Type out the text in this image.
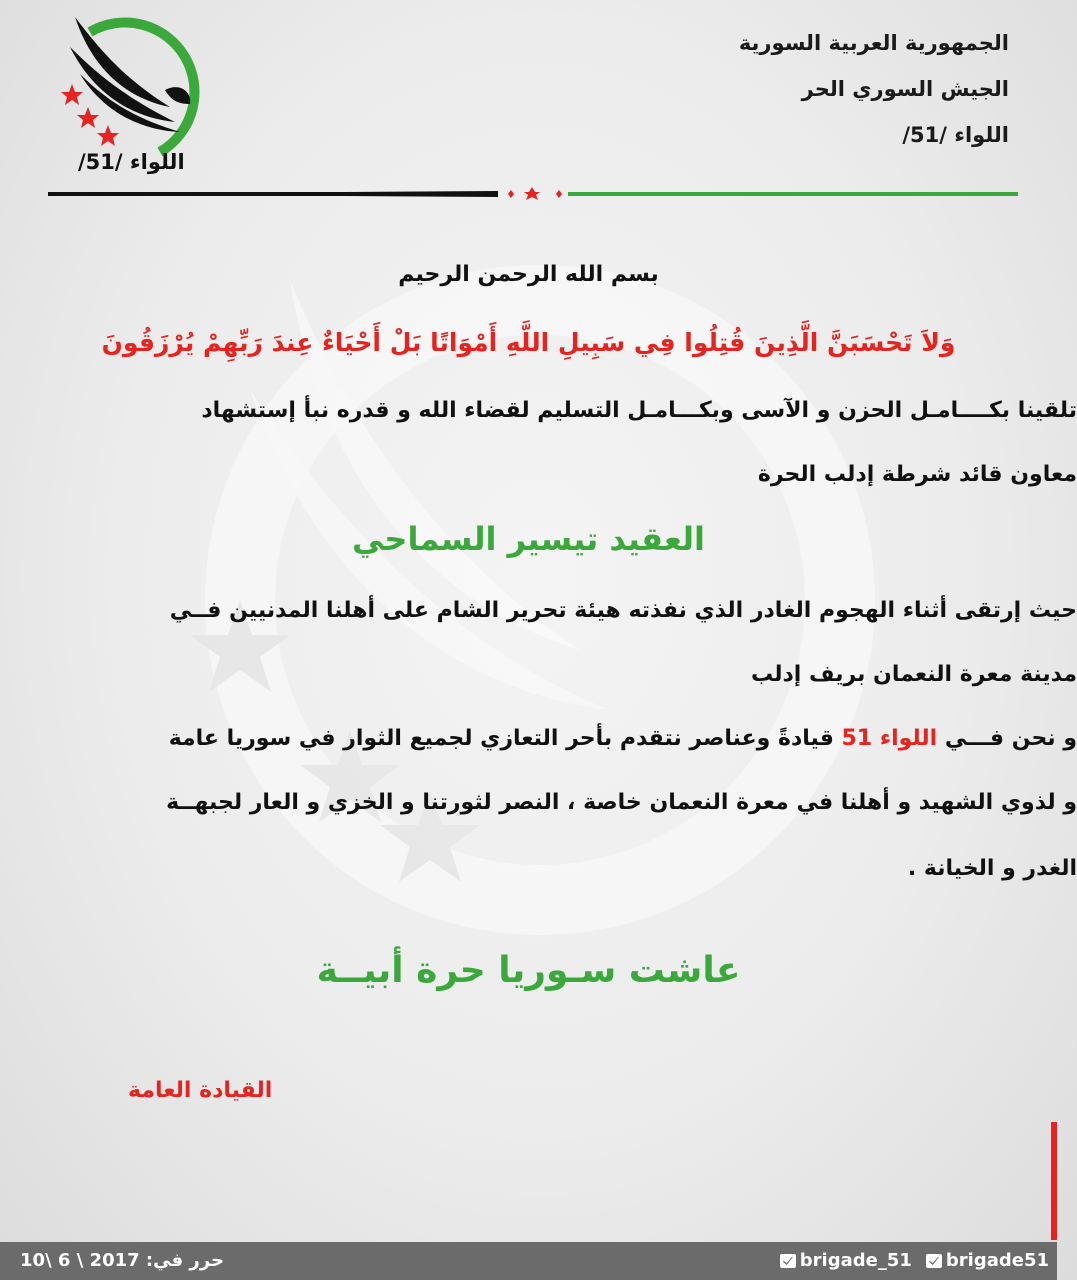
اللواء /51/
الجمهورية العربية السورية
الجيش السوري الحر
اللواء /51/
بسم الله الرحمن الرحيم
وَلاَ تَحْسَبَنَّ الَّذِينَ قُتِلُوا فِي سَبِيلِ اللَّهِ أَمْوَاتًا بَلْ أَحْيَاءٌ عِندَ رَبِّهِمْ يُرْزَقُونَ
تلقينا بكــــامـل الحزن و الآسى وبكـــامـل التسليم لقضاء الله و قدره نبأ إستشهاد
معاون قائد شرطة إدلب الحرة
العقيد تيسير السماحي
حيث إرتقى أثناء الهجوم الغادر الذي نفذته هيئة تحرير الشام على أهلنا المدنيين فــي
مدينة معرة النعمان بريف إدلب
و نحن فـــي اللواء 51 قيادةً وعناصر نتقدم بأحر التعازي لجميع الثوار في سوريا عامة
و لذوي الشهيد و أهلنا في معرة النعمان خاصة ، النصر لثورتنا و الخزي و العار لجبهــة
الغدر و الخيانة .
عاشت سـوريا حرة أبيــة
القيادة العامة
حرر في: 2017 \ 6 \10	brigade_51	brigade51
